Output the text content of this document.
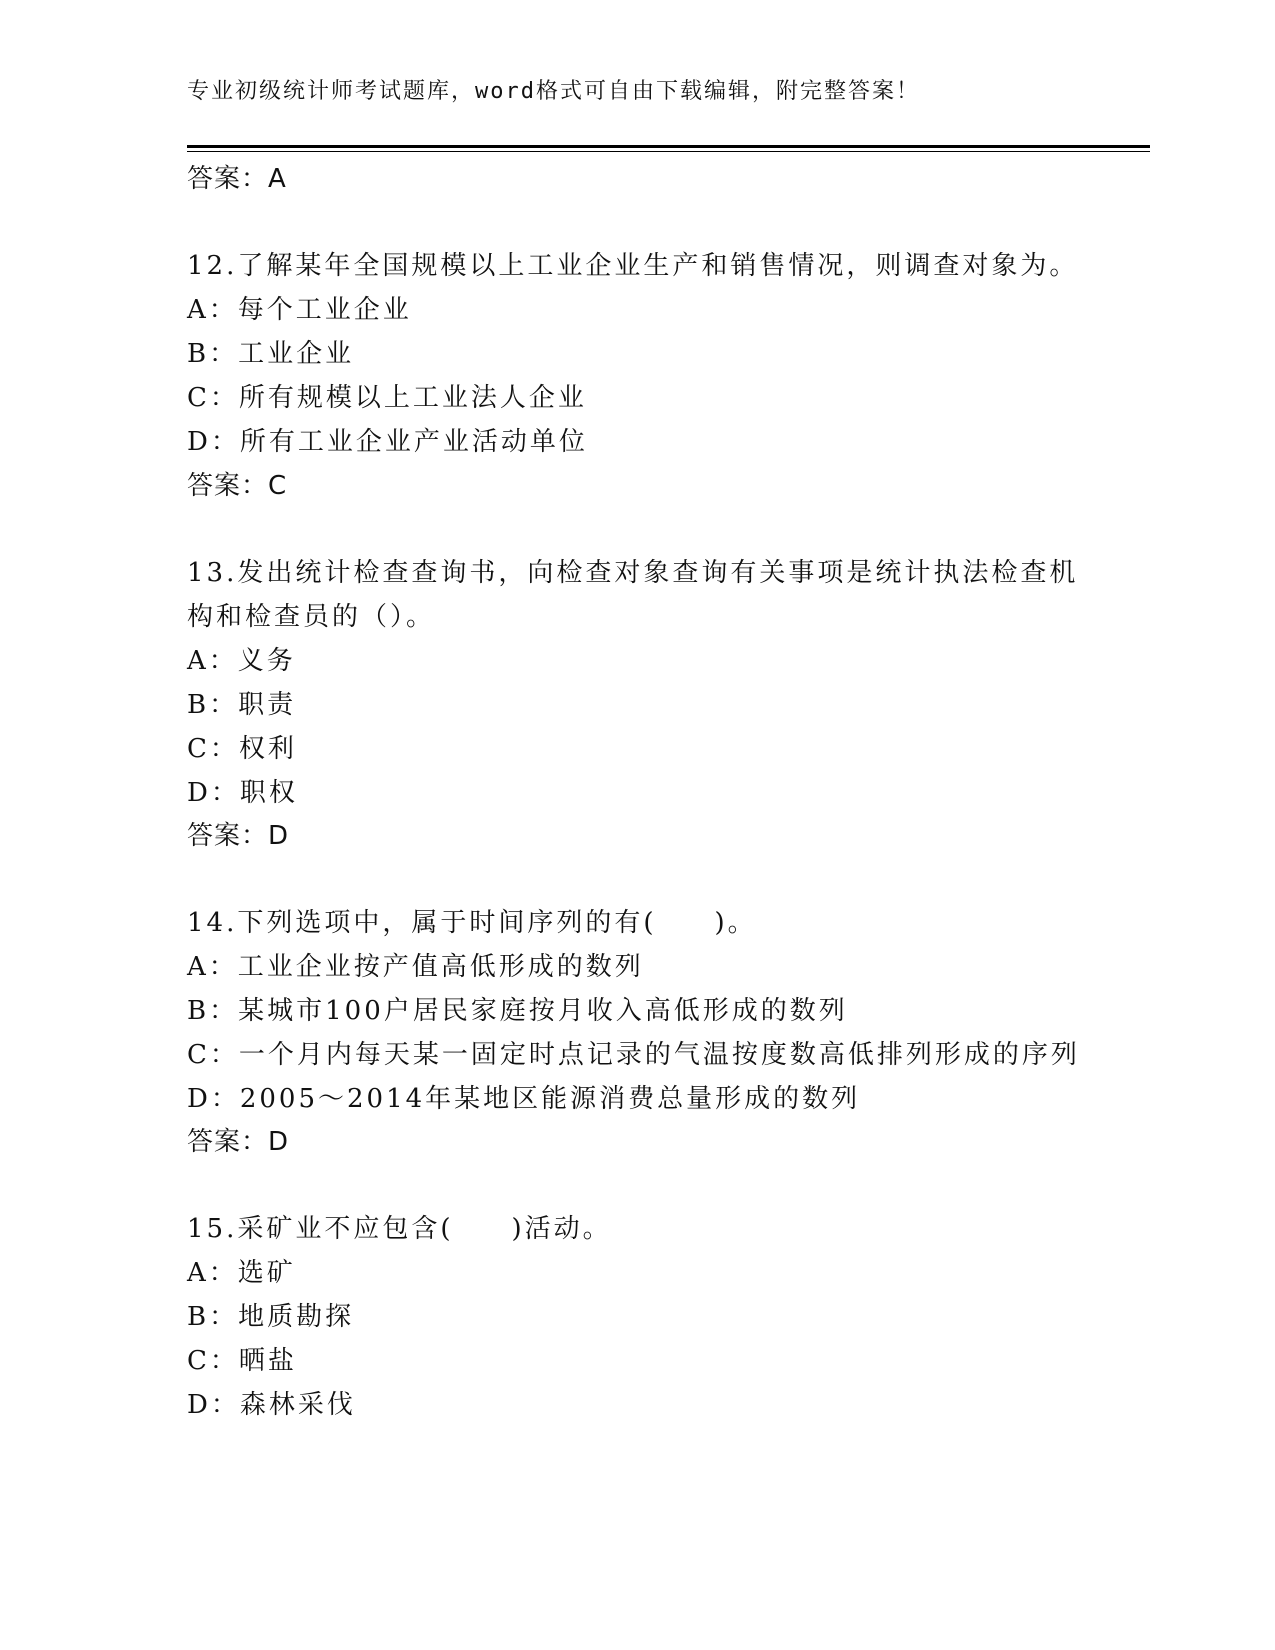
专业初级统计师考试题库，word格式可自由下载编辑，附完整答案！
答案：A
12.了解某年全国规模以上工业企业生产和销售情况，则调查对象为。
A：每个工业企业
B：工业企业
C：所有规模以上工业法人企业
D：所有工业企业产业活动单位
答案：C
13.发出统计检查查询书，向检查对象查询有关事项是统计执法检查机
构和检查员的（）。
A：义务
B：职责
C：权利
D：职权
答案：D
14.下列选项中，属于时间序列的有(　　)。
A：工业企业按产值高低形成的数列
B：某城市100户居民家庭按月收入高低形成的数列
C：一个月内每天某一固定时点记录的气温按度数高低排列形成的序列
D：2005～2014年某地区能源消费总量形成的数列
答案：D
15.采矿业不应包含(　　)活动。
A：选矿
B：地质勘探
C：晒盐
D：森林采伐
